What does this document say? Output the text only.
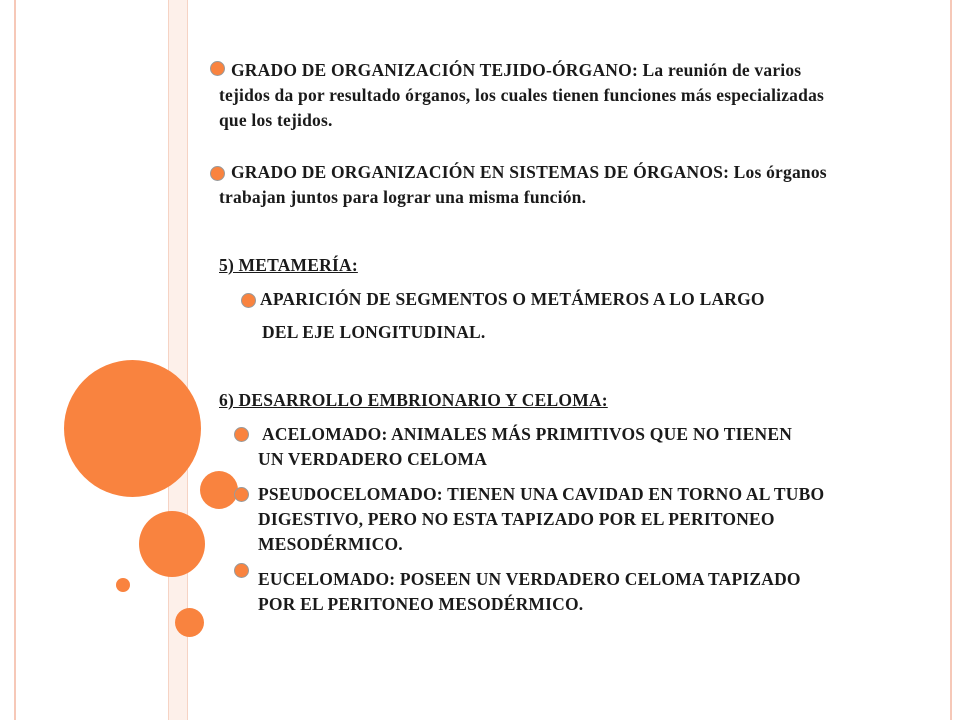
GRADO DE ORGANIZACIÓN TEJIDO-ÓRGANO: La reunión de varios tejidos da por resultado órganos, los cuales tienen funciones más especializadas que los tejidos.

GRADO DE ORGANIZACIÓN EN SISTEMAS DE ÓRGANOS: Los órganos trabajan juntos para lograr una misma función.

5) METAMERÍA:

APARICIÓN DE SEGMENTOS O METÁMEROS A LO LARGO

DEL EJE LONGITUDINAL.

6) DESARROLLO EMBRIONARIO Y CELOMA:

ACELOMADO: ANIMALES MÁS PRIMITIVOS QUE NO TIENEN UN VERDADERO CELOMA

PSEUDOCELOMADO: TIENEN UNA CAVIDAD EN TORNO AL TUBO DIGESTIVO, PERO NO ESTA TAPIZADO POR EL PERITONEO MESODÉRMICO.

EUCELOMADO: POSEEN UN VERDADERO CELOMA TAPIZADO POR EL PERITONEO MESODÉRMICO.
